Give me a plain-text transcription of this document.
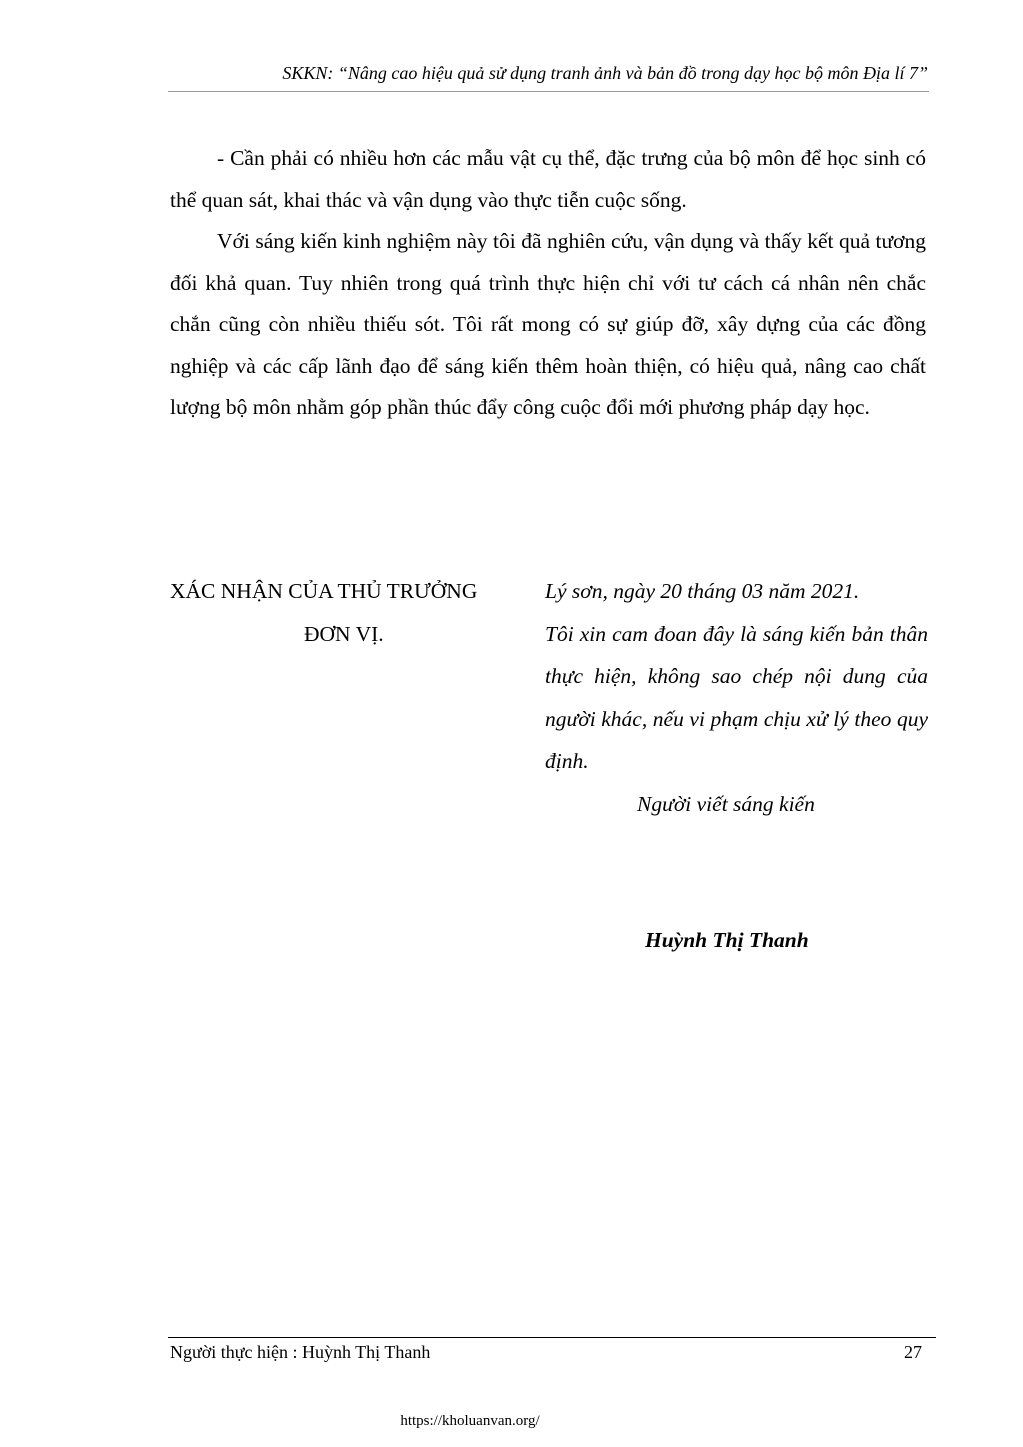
SKKN: “Nâng cao hiệu quả sử dụng tranh ảnh và bản đồ trong dạy học bộ môn Địa lí 7”

- Cần phải có nhiều hơn các mẫu vật cụ thể, đặc trưng của bộ môn để học sinh có thể quan sát, khai thác và vận dụng vào thực tiễn cuộc sống.

Với sáng kiến kinh nghiệm này tôi đã nghiên cứu, vận dụng và thấy kết quả tương đối khả quan. Tuy nhiên trong quá trình thực hiện chỉ với tư cách cá nhân nên chắc chắn cũng còn nhiều thiếu sót. Tôi rất mong có sự giúp đỡ, xây dựng của các đồng nghiệp và các cấp lãnh đạo để sáng kiến thêm hoàn thiện, có hiệu quả, nâng cao chất lượng bộ môn nhằm góp phần thúc đẩy công cuộc đổi mới phương pháp dạy học.

XÁC NHẬN CỦA THỦ TRƯỞNG
ĐƠN VỊ.

Lý sơn, ngày 20 tháng 03 năm 2021.

Tôi xin cam đoan đây là sáng kiến bản thân thực hiện, không sao chép nội dung của người khác, nếu vi phạm chịu xử lý theo quy định.

Người viết sáng kiến

Huỳnh Thị Thanh
Người thực hiện : Huỳnh Thị Thanh	27
https://kholuanvan.org/
